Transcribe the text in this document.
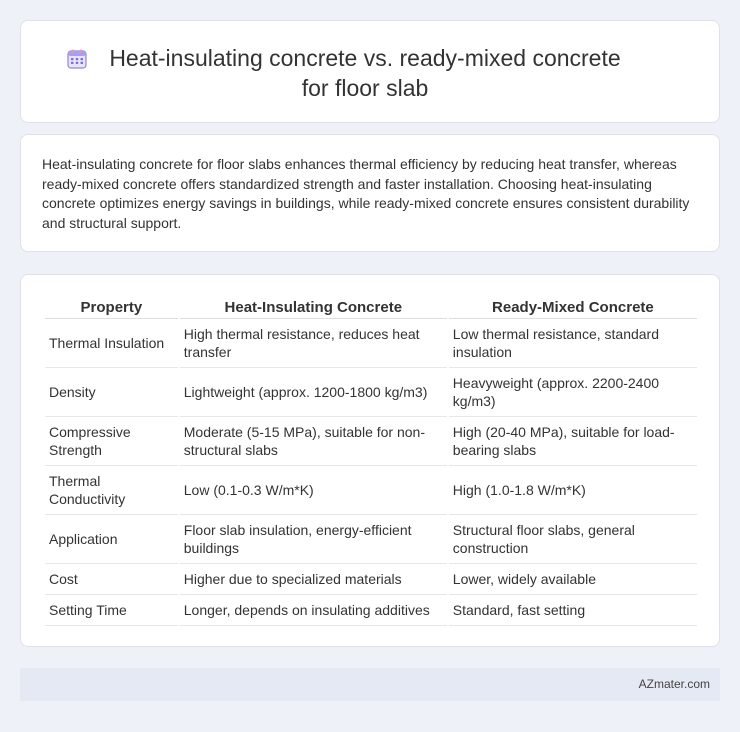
Heat-insulating concrete vs. ready-mixed concrete for floor slab

Heat-insulating concrete for floor slabs enhances thermal efficiency by reducing heat transfer, whereas ready-mixed concrete offers standardized strength and faster installation. Choosing heat-insulating concrete optimizes energy savings in buildings, while ready-mixed concrete ensures consistent durability and structural support.

Property	Heat-Insulating Concrete	Ready-Mixed Concrete
Thermal Insulation	High thermal resistance, reduces heat transfer	Low thermal resistance, standard insulation
Density	Lightweight (approx. 1200-1800 kg/m3)	Heavyweight (approx. 2200-2400 kg/m3)
Compressive Strength	Moderate (5-15 MPa), suitable for non-structural slabs	High (20-40 MPa), suitable for load-bearing slabs
Thermal Conductivity	Low (0.1-0.3 W/m*K)	High (1.0-1.8 W/m*K)
Application	Floor slab insulation, energy-efficient buildings	Structural floor slabs, general construction
Cost	Higher due to specialized materials	Lower, widely available
Setting Time	Longer, depends on insulating additives	Standard, fast setting
AZmater.com
